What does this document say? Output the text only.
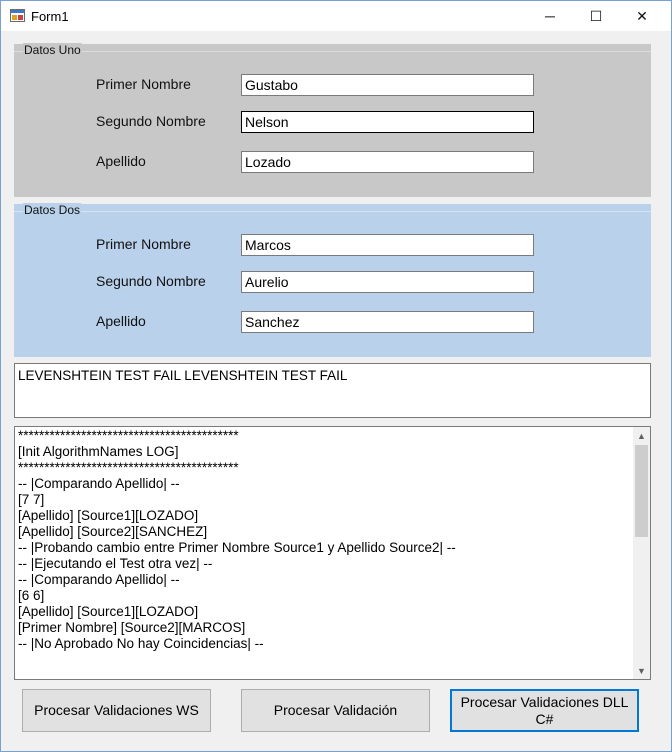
Form1	─ ☐ ✕
Datos Uno
Primer Nombre
Gustabo
Segundo Nombre
Nelson
Apellido
Lozado
Datos Dos
Primer Nombre
Marcos
Segundo Nombre
Aurelio
Apellido
Sanchez
LEVENSHTEIN TEST FAIL LEVENSHTEIN TEST FAIL
******************************************
[Init AlgorithmNames LOG]
******************************************
-- |Comparando Apellido| --
[7 7]
[Apellido] [Source1][LOZADO]
[Apellido] [Source2][SANCHEZ]
-- |Probando cambio entre Primer Nombre Source1 y Apellido Source2| --
-- |Ejecutando el Test otra vez| --
-- |Comparando Apellido| --
[6 6]
[Apellido] [Source1][LOZADO]
[Primer Nombre] [Source2][MARCOS]
-- |No Aprobado No hay Coincidencias| --
▲
▼
Procesar Validaciones WS	Procesar Validación
Procesar Validaciones DLL C#
